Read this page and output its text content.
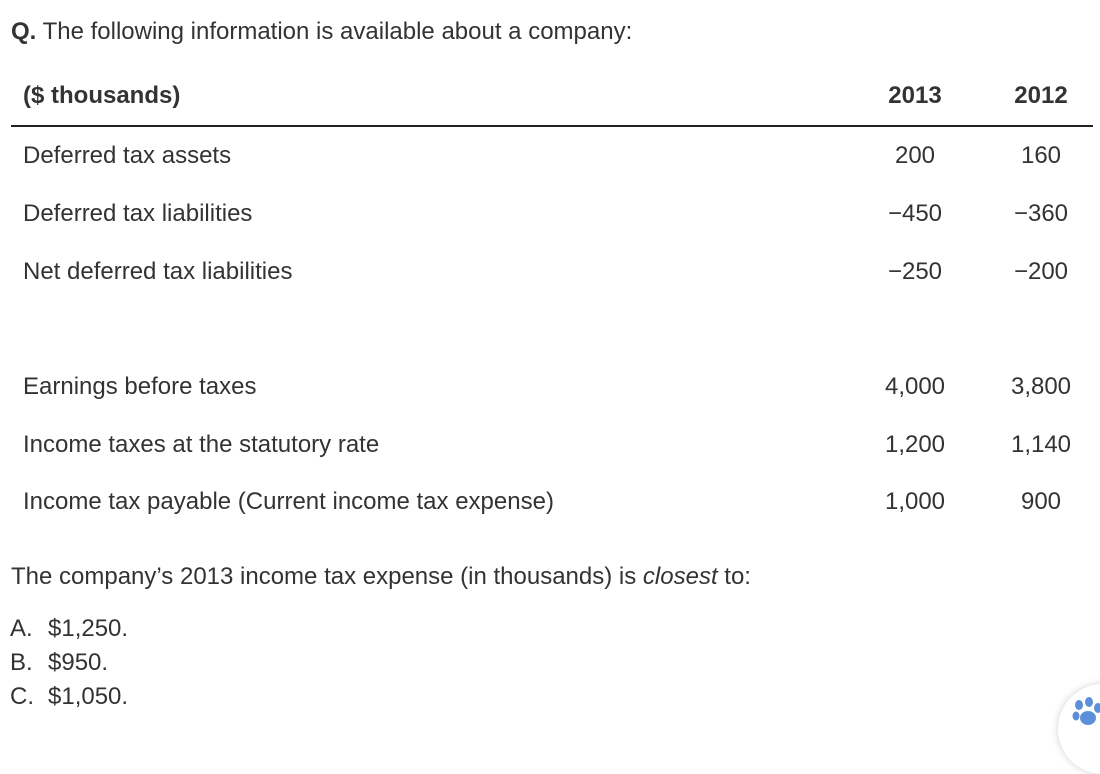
Q. The following information is available about a company:
($ thousands)	2013	2012
Deferred tax assets	200	160
Deferred tax liabilities	−450	−360
Net deferred tax liabilities	−250	−200
Earnings before taxes	4,000	3,800
Income taxes at the statutory rate	1,200	1,140
Income tax payable (Current income tax expense)	1,000	900
The company’s 2013 income tax expense (in thousands) is closest to:
A. $1,250.
B. $950.
C. $1,050.
